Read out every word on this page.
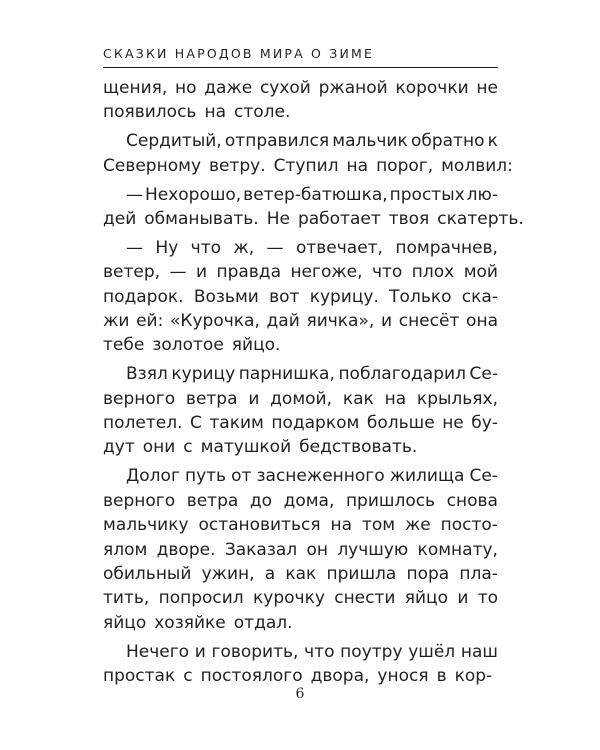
СКАЗКИ НАРОДОВ МИРА О ЗИМЕ
щения, но даже сухой ржаной корочки не
появилось на столе.
Сердитый, отправился мальчик обратно к
Северному ветру. Ступил на порог, молвил:
— Нехорошо, ветер-батюшка, простых лю-
дей обманывать. Не работает твоя скатерть.
— Ну что ж, — отвечает, помрачнев,
ветер, — и правда негоже, что плох мой
подарок. Возьми вот курицу. Только ска-
жи ей: «Курочка, дай яичка», и снесёт она
тебе золотое яйцо.
Взял курицу парнишка, поблагодарил Се-
верного ветра и домой, как на крыльях,
полетел. С таким подарком больше не бу-
дут они с матушкой бедствовать.
Долог путь от заснеженного жилища Се-
верного ветра до дома, пришлось снова
мальчику остановиться на том же посто-
ялом дворе. Заказал он лучшую комнату,
обильный ужин, а как пришла пора пла-
тить, попросил курочку снести яйцо и то
яйцо хозяйке отдал.
Нечего и говорить, что поутру ушёл наш
простак с постоялого двора, унося в кор-
6
